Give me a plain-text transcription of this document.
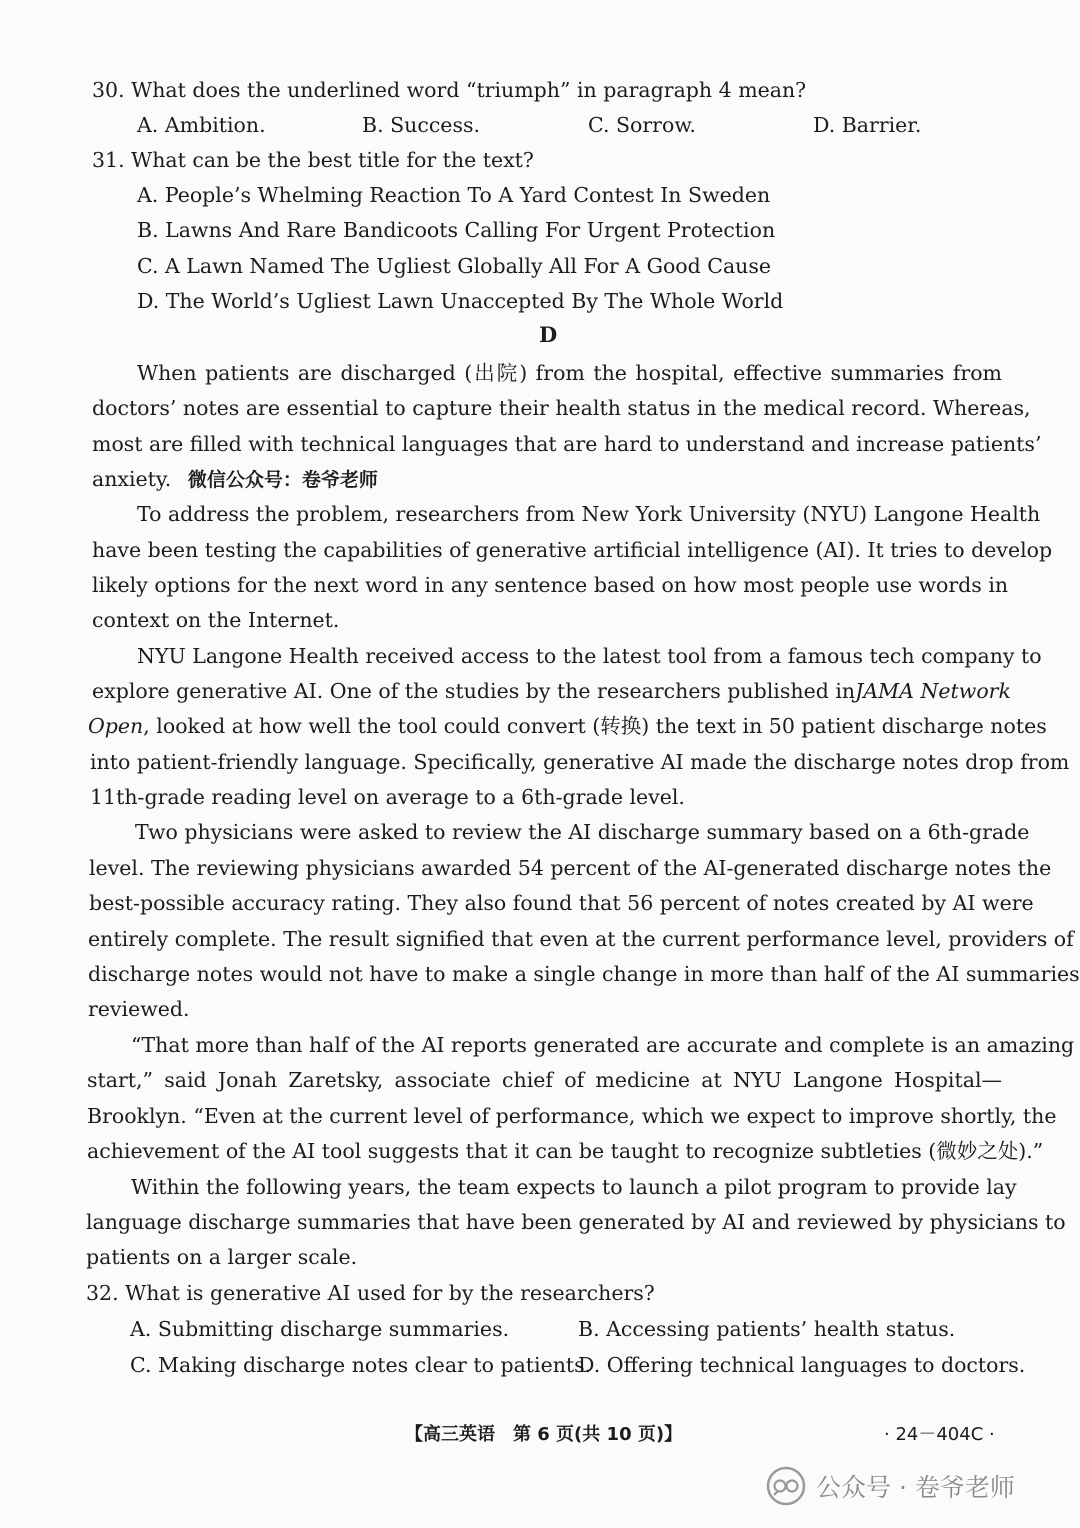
30. What does the underlined word “triumph” in paragraph 4 mean?
A. Ambition.	B. Success.	C. Sorrow.	D. Barrier.
31. What can be the best title for the text?
A. People’s Whelming Reaction To A Yard Contest In Sweden
B. Lawns And Rare Bandicoots Calling For Urgent Protection
C. A Lawn Named The Ugliest Globally All For A Good Cause
D. The World’s Ugliest Lawn Unaccepted By The Whole World
D
When patients are discharged (出院) from the hospital, effective summaries from
doctors’ notes are essential to capture their health status in the medical record. Whereas,
most are filled with technical languages that are hard to understand and increase patients’
anxiety. 微信公众号：卷爷老师
To address the problem, researchers from New York University (NYU) Langone Health
have been testing the capabilities of generative artificial intelligence (AI). It tries to develop
likely options for the next word in any sentence based on how most people use words in
context on the Internet.
NYU Langone Health received access to the latest tool from a famous tech company to
explore generative AI. One of the studies by the researchers published in JAMA Network
Open, looked at how well the tool could convert (转换) the text in 50 patient discharge notes
into patient-friendly language. Specifically, generative AI made the discharge notes drop from
11th-grade reading level on average to a 6th-grade level.
Two physicians were asked to review the AI discharge summary based on a 6th-grade
level. The reviewing physicians awarded 54 percent of the AI-generated discharge notes the
best-possible accuracy rating. They also found that 56 percent of notes created by AI were
entirely complete. The result signified that even at the current performance level, providers of
discharge notes would not have to make a single change in more than half of the AI summaries
reviewed.
“That more than half of the AI reports generated are accurate and complete is an amazing
start,” said Jonah Zaretsky, associate chief of medicine at NYU Langone Hospital—
Brooklyn. “Even at the current level of performance, which we expect to improve shortly, the
achievement of the AI tool suggests that it can be taught to recognize subtleties (微妙之处).”
Within the following years, the team expects to launch a pilot program to provide lay
language discharge summaries that have been generated by AI and reviewed by physicians to
patients on a larger scale.
32. What is generative AI used for by the researchers?
A. Submitting discharge summaries.	B. Accessing patients’ health status.
C. Making discharge notes clear to patients.
D. Offering technical languages to doctors.
【高三英语　第 6 页(共 10 页)】	· 24－404C ·
公众号 · 卷爷老师
